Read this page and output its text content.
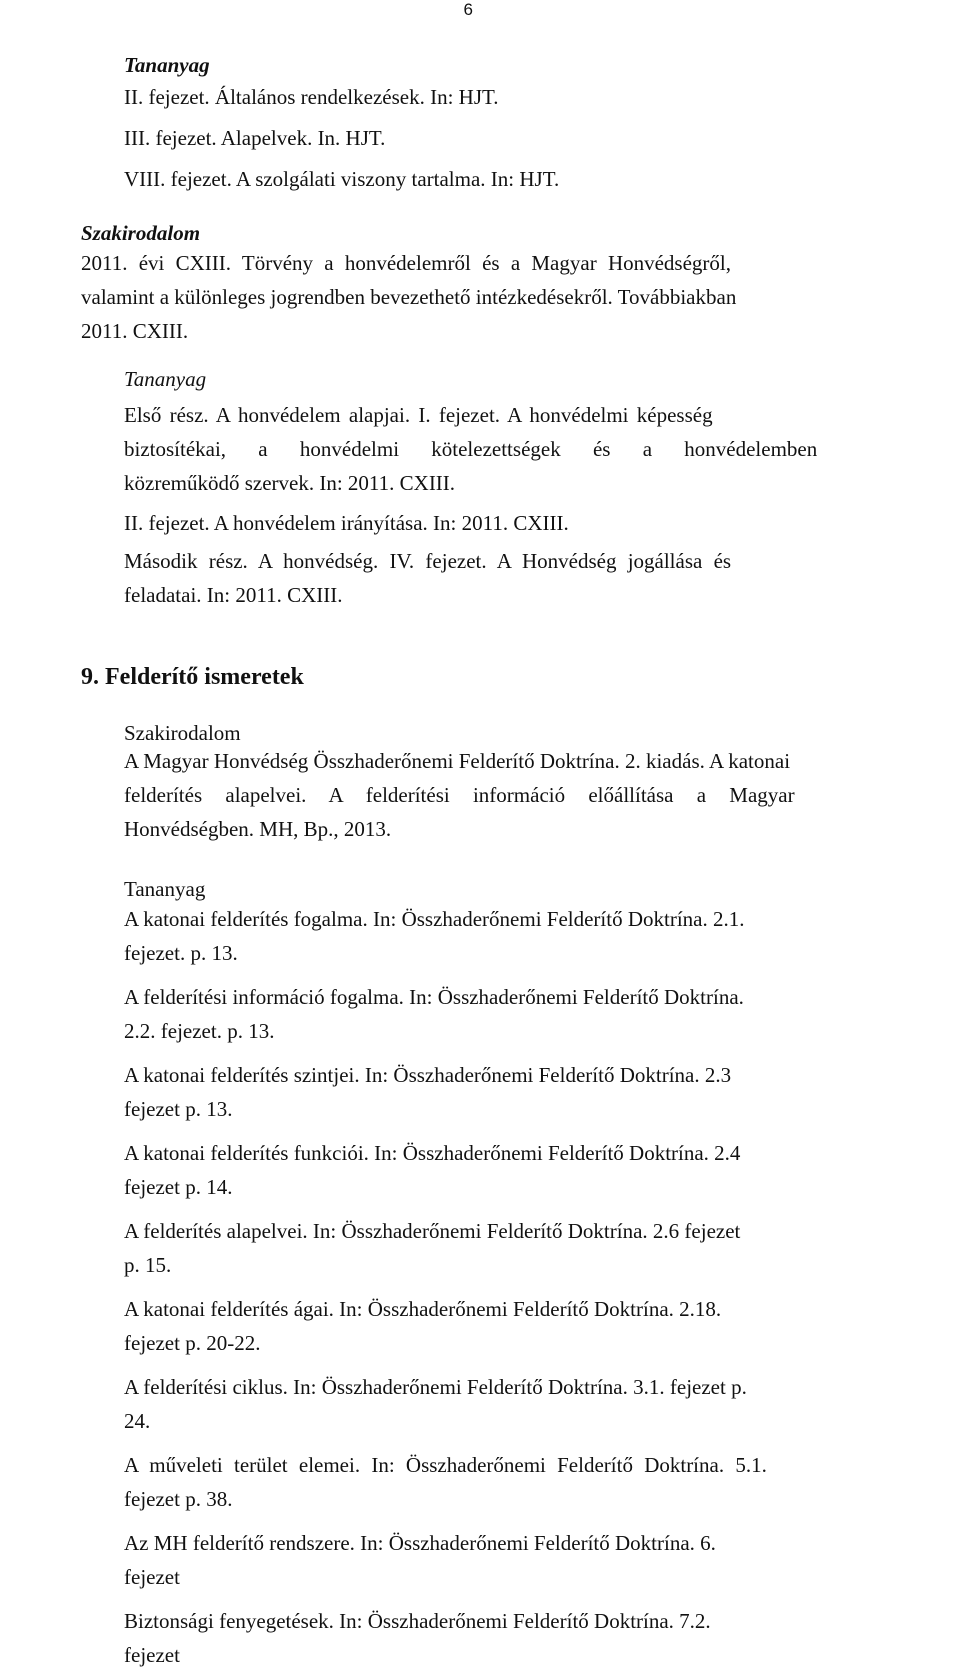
6
Tananyag
II. fejezet. Általános rendelkezések. In: HJT.
III. fejezet. Alapelvek. In. HJT.
VIII. fejezet. A szolgálati viszony tartalma. In: HJT.
Szakirodalom
2011. évi CXIII. Törvény a honvédelemről és a Magyar Honvédségről,
valamint a különleges jogrendben bevezethető intézkedésekről. Továbbiakban
2011. CXIII.
Tananyag
Első rész. A honvédelem alapjai. I. fejezet. A honvédelmi képesség
biztosítékai, a honvédelmi kötelezettségek és a honvédelemben
közreműködő szervek. In: 2011. CXIII.
II. fejezet. A honvédelem irányítása. In: 2011. CXIII.
Második rész. A honvédség. IV. fejezet. A Honvédség jogállása és
feladatai. In: 2011. CXIII.
9. Felderítő ismeretek
Szakirodalom
A Magyar Honvédség Összhaderőnemi Felderítő Doktrína. 2. kiadás. A katonai
felderítés alapelvei. A felderítési információ előállítása a Magyar
Honvédségben. MH, Bp., 2013.
Tananyag
A katonai felderítés fogalma. In: Összhaderőnemi Felderítő Doktrína. 2.1.
fejezet. p. 13.
A felderítési információ fogalma. In: Összhaderőnemi Felderítő Doktrína.
2.2. fejezet. p. 13.
A katonai felderítés szintjei. In: Összhaderőnemi Felderítő Doktrína. 2.3
fejezet p. 13.
A katonai felderítés funkciói. In: Összhaderőnemi Felderítő Doktrína. 2.4
fejezet p. 14.
A felderítés alapelvei. In: Összhaderőnemi Felderítő Doktrína. 2.6 fejezet
p. 15.
A katonai felderítés ágai. In: Összhaderőnemi Felderítő Doktrína. 2.18.
fejezet p. 20-22.
A felderítési ciklus. In: Összhaderőnemi Felderítő Doktrína. 3.1. fejezet p.
24.
A műveleti terület elemei. In: Összhaderőnemi Felderítő Doktrína. 5.1.
fejezet p. 38.
Az MH felderítő rendszere. In: Összhaderőnemi Felderítő Doktrína. 6.
fejezet
Biztonsági fenyegetések. In: Összhaderőnemi Felderítő Doktrína. 7.2.
fejezet
